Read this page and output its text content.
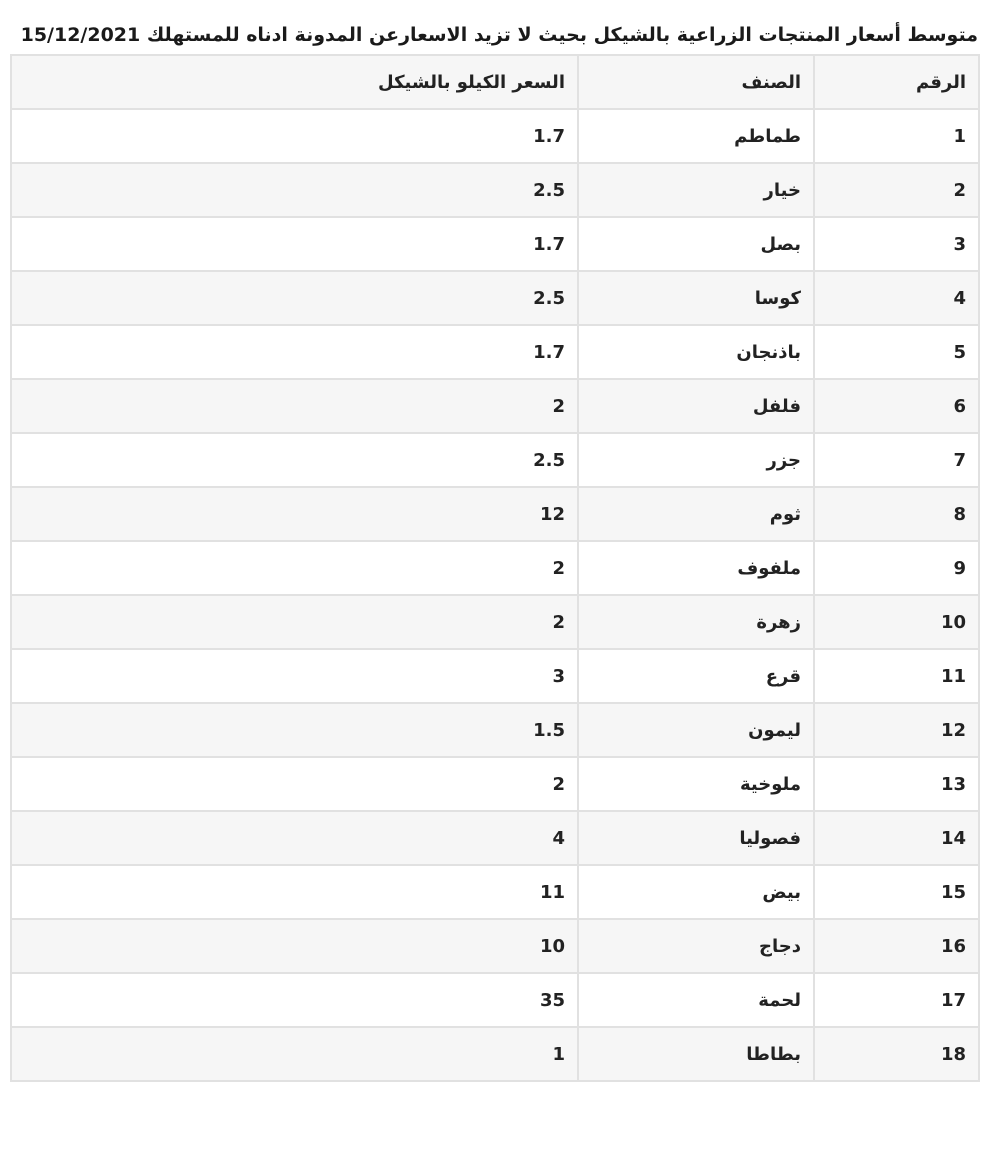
متوسط أسعار المنتجات الزراعية بالشيكل بحيث لا تزيد الاسعارعن المدونة ادناه للمستهلك 15/12/2021
الرقم	الصنف	السعر الكيلو بالشيكل
1	طماطم	1.7
2	خيار	2.5
3	بصل	1.7
4	كوسا	2.5
5	باذنجان	1.7
6	فلفل	2
7	جزر	2.5
8	ثوم	12
9	ملفوف	2
10	زهرة	2
11	قرع	3
12	ليمون	1.5
13	ملوخية	2
14	فصوليا	4
15	بيض	11
16	دجاج	10
17	لحمة	35
18	بطاطا	1
